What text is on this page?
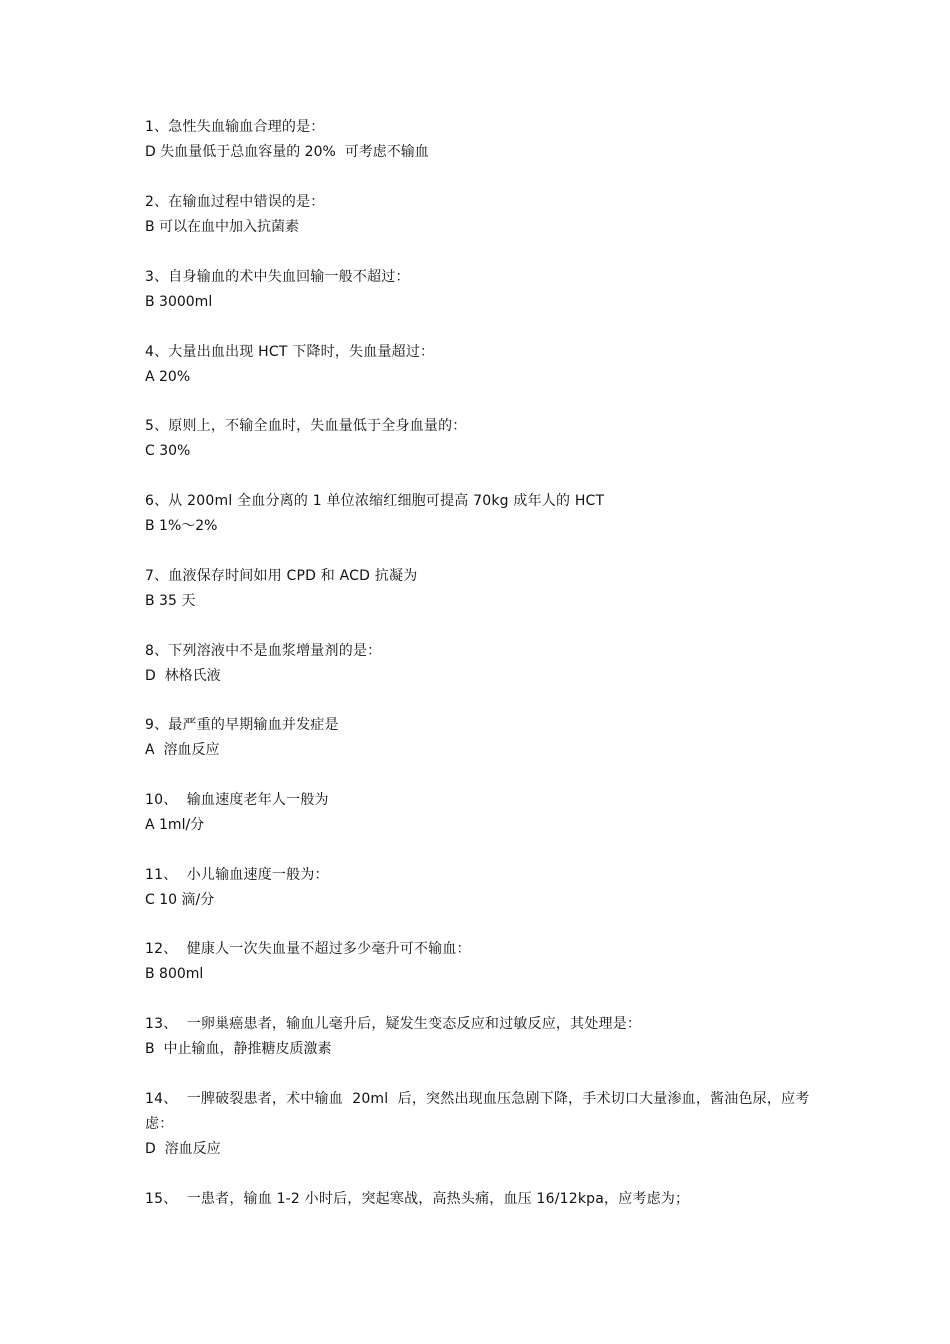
1、急性失血输血合理的是：
D 失血量低于总血容量的 20%  可考虑不输血
2、在输血过程中错误的是：
B 可以在血中加入抗菌素
3、自身输血的术中失血回输一般不超过：
B 3000ml
4、大量出血出现 HCT 下降时，失血量超过：
A 20%
5、原则上，不输全血时，失血量低于全身血量的：
C 30%
6、从 200ml 全血分离的 1 单位浓缩红细胞可提高 70kg 成年人的 HCT
B 1%～2%
7、血液保存时间如用 CPD 和 ACD 抗凝为
B 35 天
8、下列溶液中不是血浆增量剂的是：
D  林格氏液
9、最严重的早期输血并发症是
A  溶血反应
10、  输血速度老年人一般为
A 1ml/分
11、  小儿输血速度一般为：
C 10 滴/分
12、  健康人一次失血量不超过多少毫升可不输血：
B 800ml
13、  一卵巢癌患者，输血儿毫升后，疑发生变态反应和过敏反应，其处理是：
B  中止输血，静推糖皮质激素
14、  一脾破裂患者，术中输血  20ml  后，突然出现血压急剧下降，手术切口大量渗血，酱油色尿，应考虑：
D  溶血反应
15、  一患者，输血 1-2 小时后，突起寒战，高热头痛，血压 16/12kpa，应考虑为；
